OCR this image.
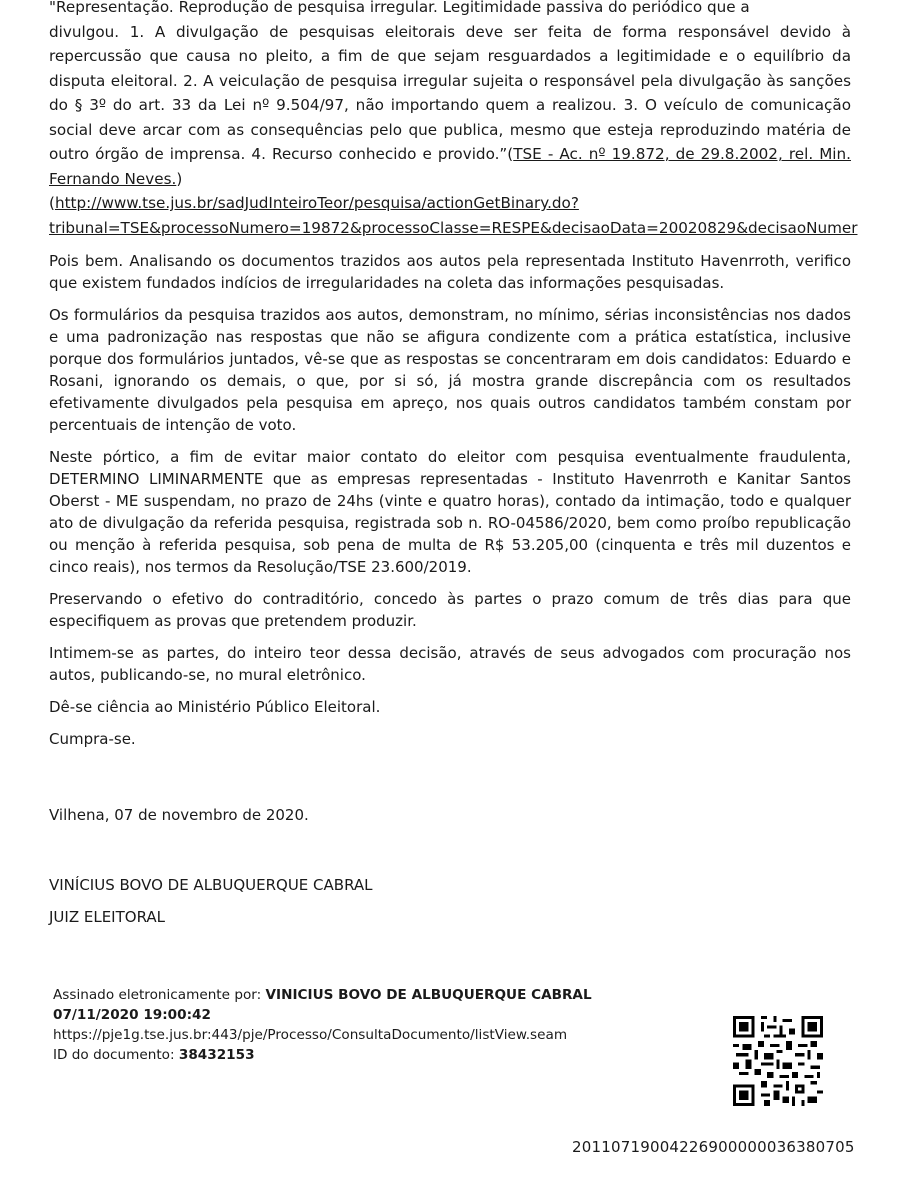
"Representação. Reprodução de pesquisa irregular. Legitimidade passiva do periódico que a
divulgou. 1. A divulgação de pesquisas eleitorais deve ser feita de forma responsável devido à repercussão que causa no pleito, a fim de que sejam resguardados a legitimidade e o equilíbrio da disputa eleitoral. 2. A veiculação de pesquisa irregular sujeita o responsável pela divulgação às sanções do § 3º do art. 33 da Lei nº 9.504/97, não importando quem a realizou. 3. O veículo de comunicação social deve arcar com as consequências pelo que publica, mesmo que esteja reproduzindo matéria de outro órgão de imprensa. 4. Recurso conhecido e provido.”(TSE - Ac. nº 19.872, de 29.8.2002, rel. Min. Fernando Neves.)
(http://www.tse.jus.br/sadJudInteiroTeor/pesquisa/actionGetBinary.do?
tribunal=TSE&processoNumero=19872&processoClasse=RESPE&decisaoData=20020829&decisaoNumer

Pois bem. Analisando os documentos trazidos aos autos pela representada Instituto Havenrroth, verifico que existem fundados indícios de irregularidades na coleta das informações pesquisadas.

Os formulários da pesquisa trazidos aos autos, demonstram, no mínimo, sérias inconsistências nos dados e uma padronização nas respostas que não se afigura condizente com a prática estatística, inclusive porque dos formulários juntados, vê-se que as respostas se concentraram em dois candidatos: Eduardo e Rosani, ignorando os demais, o que, por si só, já mostra grande discrepância com os resultados efetivamente divulgados pela pesquisa em apreço, nos quais outros candidatos também constam por percentuais de intenção de voto.

Neste pórtico, a fim de evitar maior contato do eleitor com pesquisa eventualmente fraudulenta, DETERMINO LIMINARMENTE que as empresas representadas - Instituto Havenrroth e Kanitar Santos Oberst - ME suspendam, no prazo de 24hs (vinte e quatro horas), contado da intimação, todo e qualquer ato de divulgação da referida pesquisa, registrada sob n. RO-04586/2020, bem como proíbo republicação ou menção à referida pesquisa, sob pena de multa de R$ 53.205,00 (cinquenta e três mil duzentos e cinco reais), nos termos da Resolução/TSE 23.600/2019.

Preservando o efetivo do contraditório, concedo às partes o prazo comum de três dias para que especifiquem as provas que pretendem produzir.

Intimem-se as partes, do inteiro teor dessa decisão, através de seus advogados com procuração nos autos, publicando-se, no mural eletrônico.

Dê-se ciência ao Ministério Público Eleitoral.

Cumpra-se.

Vilhena, 07 de novembro de 2020.

VINÍCIUS BOVO DE ALBUQUERQUE CABRAL

JUIZ ELEITORAL

Assinado eletronicamente por: VINICIUS BOVO DE ALBUQUERQUE CABRAL
07/11/2020 19:00:42
https://pje1g.tse.jus.br:443/pje/Processo/ConsultaDocumento/listView.seam
ID do documento: 38432153
20110719004226900000036380705
